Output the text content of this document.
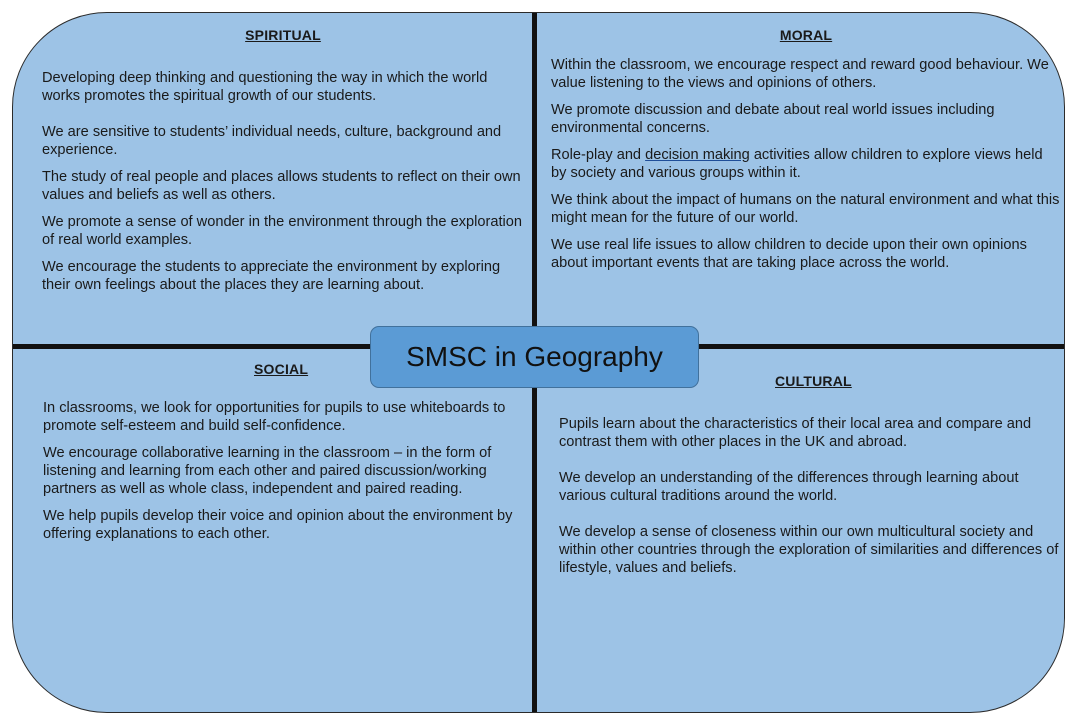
SPIRITUAL

Developing deep thinking and questioning the way in which the world works promotes the spiritual growth of our students.

We are sensitive to students’ individual needs, culture, background and experience.

The study of real people and places allows students to reflect on their own values and beliefs as well as others.

We promote a sense of wonder in the environment through the exploration of real world examples.

We encourage the students to appreciate the environment by exploring their own feelings about the places they are learning about.

MORAL

Within the classroom, we encourage respect and reward good behaviour. We value listening to the views and opinions of others.

We promote discussion and debate about real world issues including environmental concerns.

Role-play and decision making activities allow children to explore views held by society and various groups within it.

We think about the impact of humans on the natural environment and what this might mean for the future of our world.

We use real life issues to allow children to decide upon their own opinions about important events that are taking place across the world.

SOCIAL

In classrooms, we look for opportunities for pupils to use whiteboards to promote self-esteem and build self-confidence.

We encourage collaborative learning in the classroom – in the form of listening and learning from each other and paired discussion/working partners as well as whole class, independent and paired reading.

We help pupils develop their voice and opinion about the environment by offering explanations to each other.

CULTURAL

Pupils learn about the characteristics of their local area and compare and contrast them with other places in the UK and abroad.

We develop an understanding of the differences through learning about various cultural traditions around the world.

We develop a sense of closeness within our own multicultural society and within other countries through the exploration of similarities and differences of lifestyle, values and beliefs.

SMSC in Geography
